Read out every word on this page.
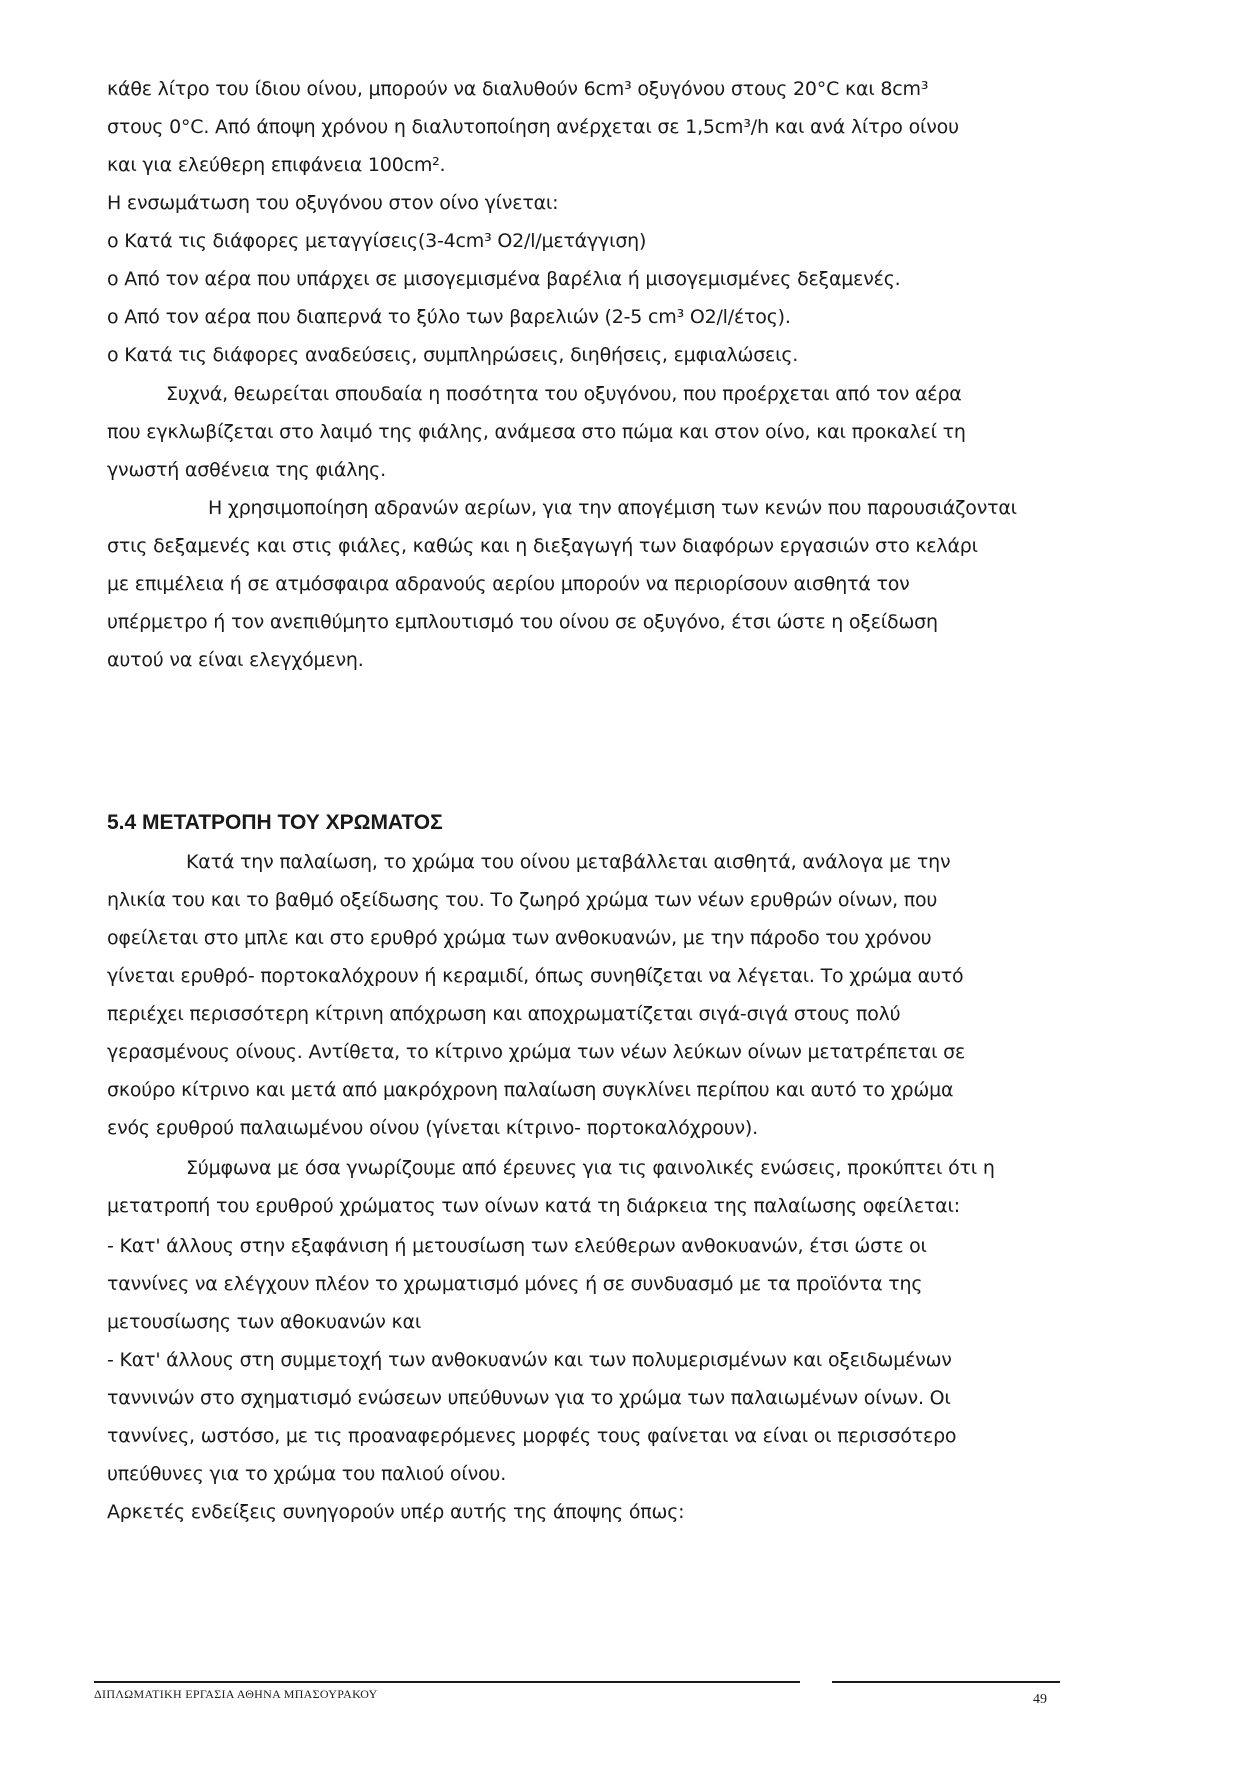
κάθε λίτρο του ίδιου οίνου, μπορούν να διαλυθούν 6cm³ οξυγόνου στους 20°C και 8cm³
στους 0°C. Από άποψη χρόνου η διαλυτοποίηση ανέρχεται σε 1,5cm³/h και ανά λίτρο οίνου
και για ελεύθερη επιφάνεια 100cm².
Η ενσωμάτωση του οξυγόνου στον οίνο γίνεται:
ο Κατά τις διάφορες μεταγγίσεις(3-4cm³ O2/l/μετάγγιση)
ο Από τον αέρα που υπάρχει σε μισογεμισμένα βαρέλια ή μισογεμισμένες δεξαμενές.
ο Από τον αέρα που διαπερνά το ξύλο των βαρελιών (2-5 cm³ O2/l/έτος).
ο Κατά τις διάφορες αναδεύσεις, συμπληρώσεις, διηθήσεις, εμφιαλώσεις.
Συχνά, θεωρείται σπουδαία η ποσότητα του οξυγόνου, που προέρχεται από τον αέρα
που εγκλωβίζεται στο λαιμό της φιάλης, ανάμεσα στο πώμα και στον οίνο, και προκαλεί τη
γνωστή ασθένεια της φιάλης.
Η χρησιμοποίηση αδρανών αερίων, για την απογέμιση των κενών που παρουσιάζονται
στις δεξαμενές και στις φιάλες, καθώς και η διεξαγωγή των διαφόρων εργασιών στο κελάρι
με επιμέλεια ή σε ατμόσφαιρα αδρανούς αερίου μπορούν να περιορίσουν αισθητά τον
υπέρμετρο ή τον ανεπιθύμητο εμπλουτισμό του οίνου σε οξυγόνο, έτσι ώστε η οξείδωση
αυτού να είναι ελεγχόμενη.
5.4 ΜΕΤΑΤΡΟΠΗ ΤΟΥ ΧΡΩΜΑΤΟΣ
Κατά την παλαίωση, το χρώμα του οίνου μεταβάλλεται αισθητά, ανάλογα με την
ηλικία του και το βαθμό οξείδωσης του. Το ζωηρό χρώμα των νέων ερυθρών οίνων, που
οφείλεται στο μπλε και στο ερυθρό χρώμα των ανθοκυανών, με την πάροδο του χρόνου
γίνεται ερυθρό- πορτοκαλόχρουν ή κεραμιδί, όπως συνηθίζεται να λέγεται. Το χρώμα αυτό
περιέχει περισσότερη κίτρινη απόχρωση και αποχρωματίζεται σιγά-σιγά στους πολύ
γερασμένους οίνους. Αντίθετα, το κίτρινο χρώμα των νέων λεύκων οίνων μετατρέπεται σε
σκούρο κίτρινο και μετά από μακρόχρονη παλαίωση συγκλίνει περίπου και αυτό το χρώμα
ενός ερυθρού παλαιωμένου οίνου (γίνεται κίτρινο- πορτοκαλόχρουν).
Σύμφωνα με όσα γνωρίζουμε από έρευνες για τις φαινολικές ενώσεις, προκύπτει ότι η
μετατροπή του ερυθρού χρώματος των οίνων κατά τη διάρκεια της παλαίωσης οφείλεται:
- Κατ' άλλους στην εξαφάνιση ή μετουσίωση των ελεύθερων ανθοκυανών, έτσι ώστε οι
ταννίνες να ελέγχουν πλέον το χρωματισμό μόνες ή σε συνδυασμό με τα προϊόντα της
μετουσίωσης των αθοκυανών και
- Κατ' άλλους στη συμμετοχή των ανθοκυανών και των πολυμερισμένων και οξειδωμένων
ταννινών στο σχηματισμό ενώσεων υπεύθυνων για το χρώμα των παλαιωμένων οίνων. Οι
ταννίνες, ωστόσο, με τις προαναφερόμενες μορφές τους φαίνεται να είναι οι περισσότερο
υπεύθυνες για το χρώμα του παλιού οίνου.
Αρκετές ενδείξεις συνηγορούν υπέρ αυτής της άποψης όπως:
ΔΙΠΛΩΜΑΤΙΚΗ ΕΡΓΑΣΙΑ ΑΘΗΝΑ ΜΠΑΣΟΥΡΑΚΟΥ	49
